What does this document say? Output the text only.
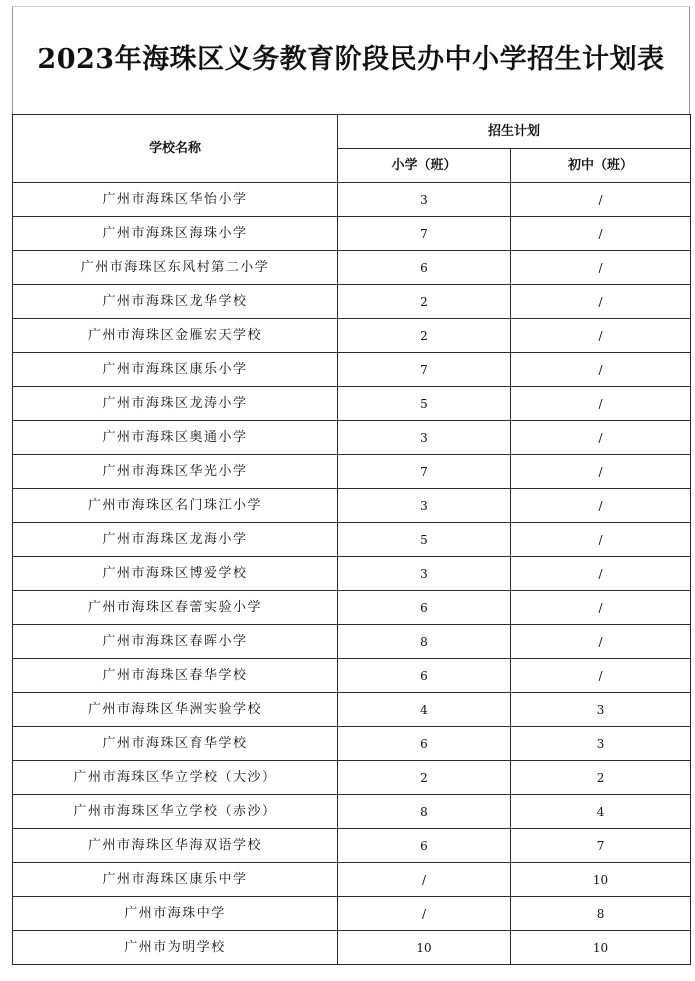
2023年海珠区义务教育阶段民办中小学招生计划表
学校名称	招生计划	
	小学（班）	初中（班）
广州市海珠区华怡小学	3	/
广州市海珠区海珠小学	7	/
广州市海珠区东风村第二小学	6	/
广州市海珠区龙华学校	2	/
广州市海珠区金雁宏天学校	2	/
广州市海珠区康乐小学	7	/
广州市海珠区龙涛小学	5	/
广州市海珠区奥通小学	3	/
广州市海珠区华光小学	7	/
广州市海珠区名门珠江小学	3	/
广州市海珠区龙海小学	5	/
广州市海珠区博爱学校	3	/
广州市海珠区春蕾实验小学	6	/
广州市海珠区春晖小学	8	/
广州市海珠区春华学校	6	/
广州市海珠区华洲实验学校	4	3
广州市海珠区育华学校	6	3
广州市海珠区华立学校（大沙）	2	2
广州市海珠区华立学校（赤沙）	8	4
广州市海珠区华海双语学校	6	7
广州市海珠区康乐中学	/	10
广州市海珠中学	/	8
广州市为明学校	10	10
